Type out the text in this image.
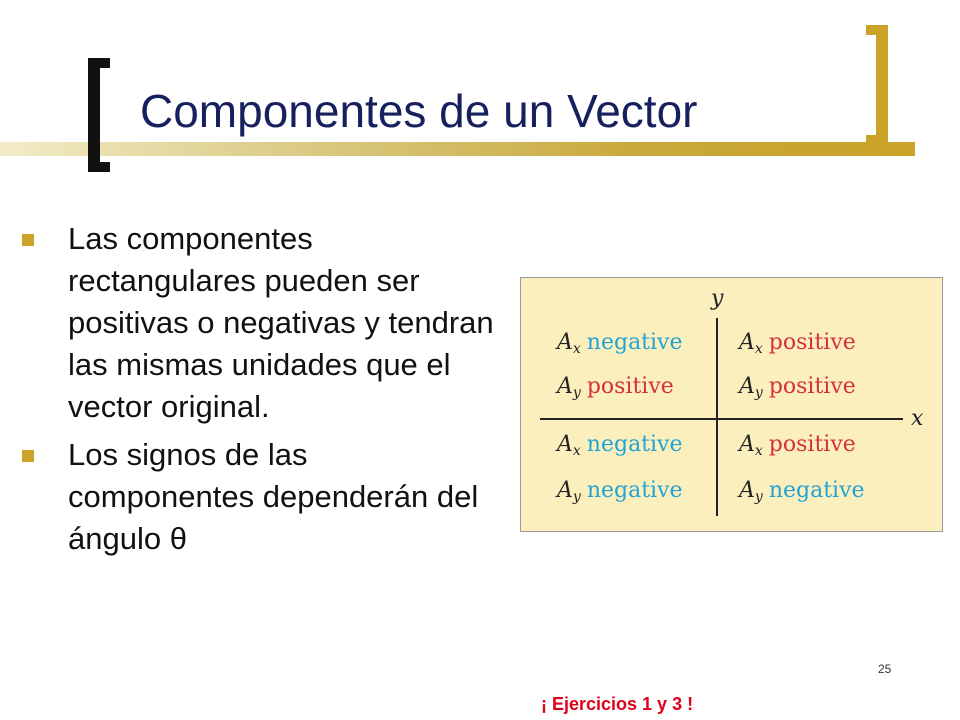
Componentes de un Vector
Las componentes rectangulares pueden ser positivas o negativas y tendran las mismas unidades que el vector original.
Los signos de las componentes dependerán del ángulo θ
y
x
$A_x$ negative
$A_y$ positive
$A_x$ positive
$A_y$ positive
$A_x$ negative
$A_y$ negative
$A_x$ positive
$A_y$ negative
25
¡ Ejercicios 1 y 3 !
